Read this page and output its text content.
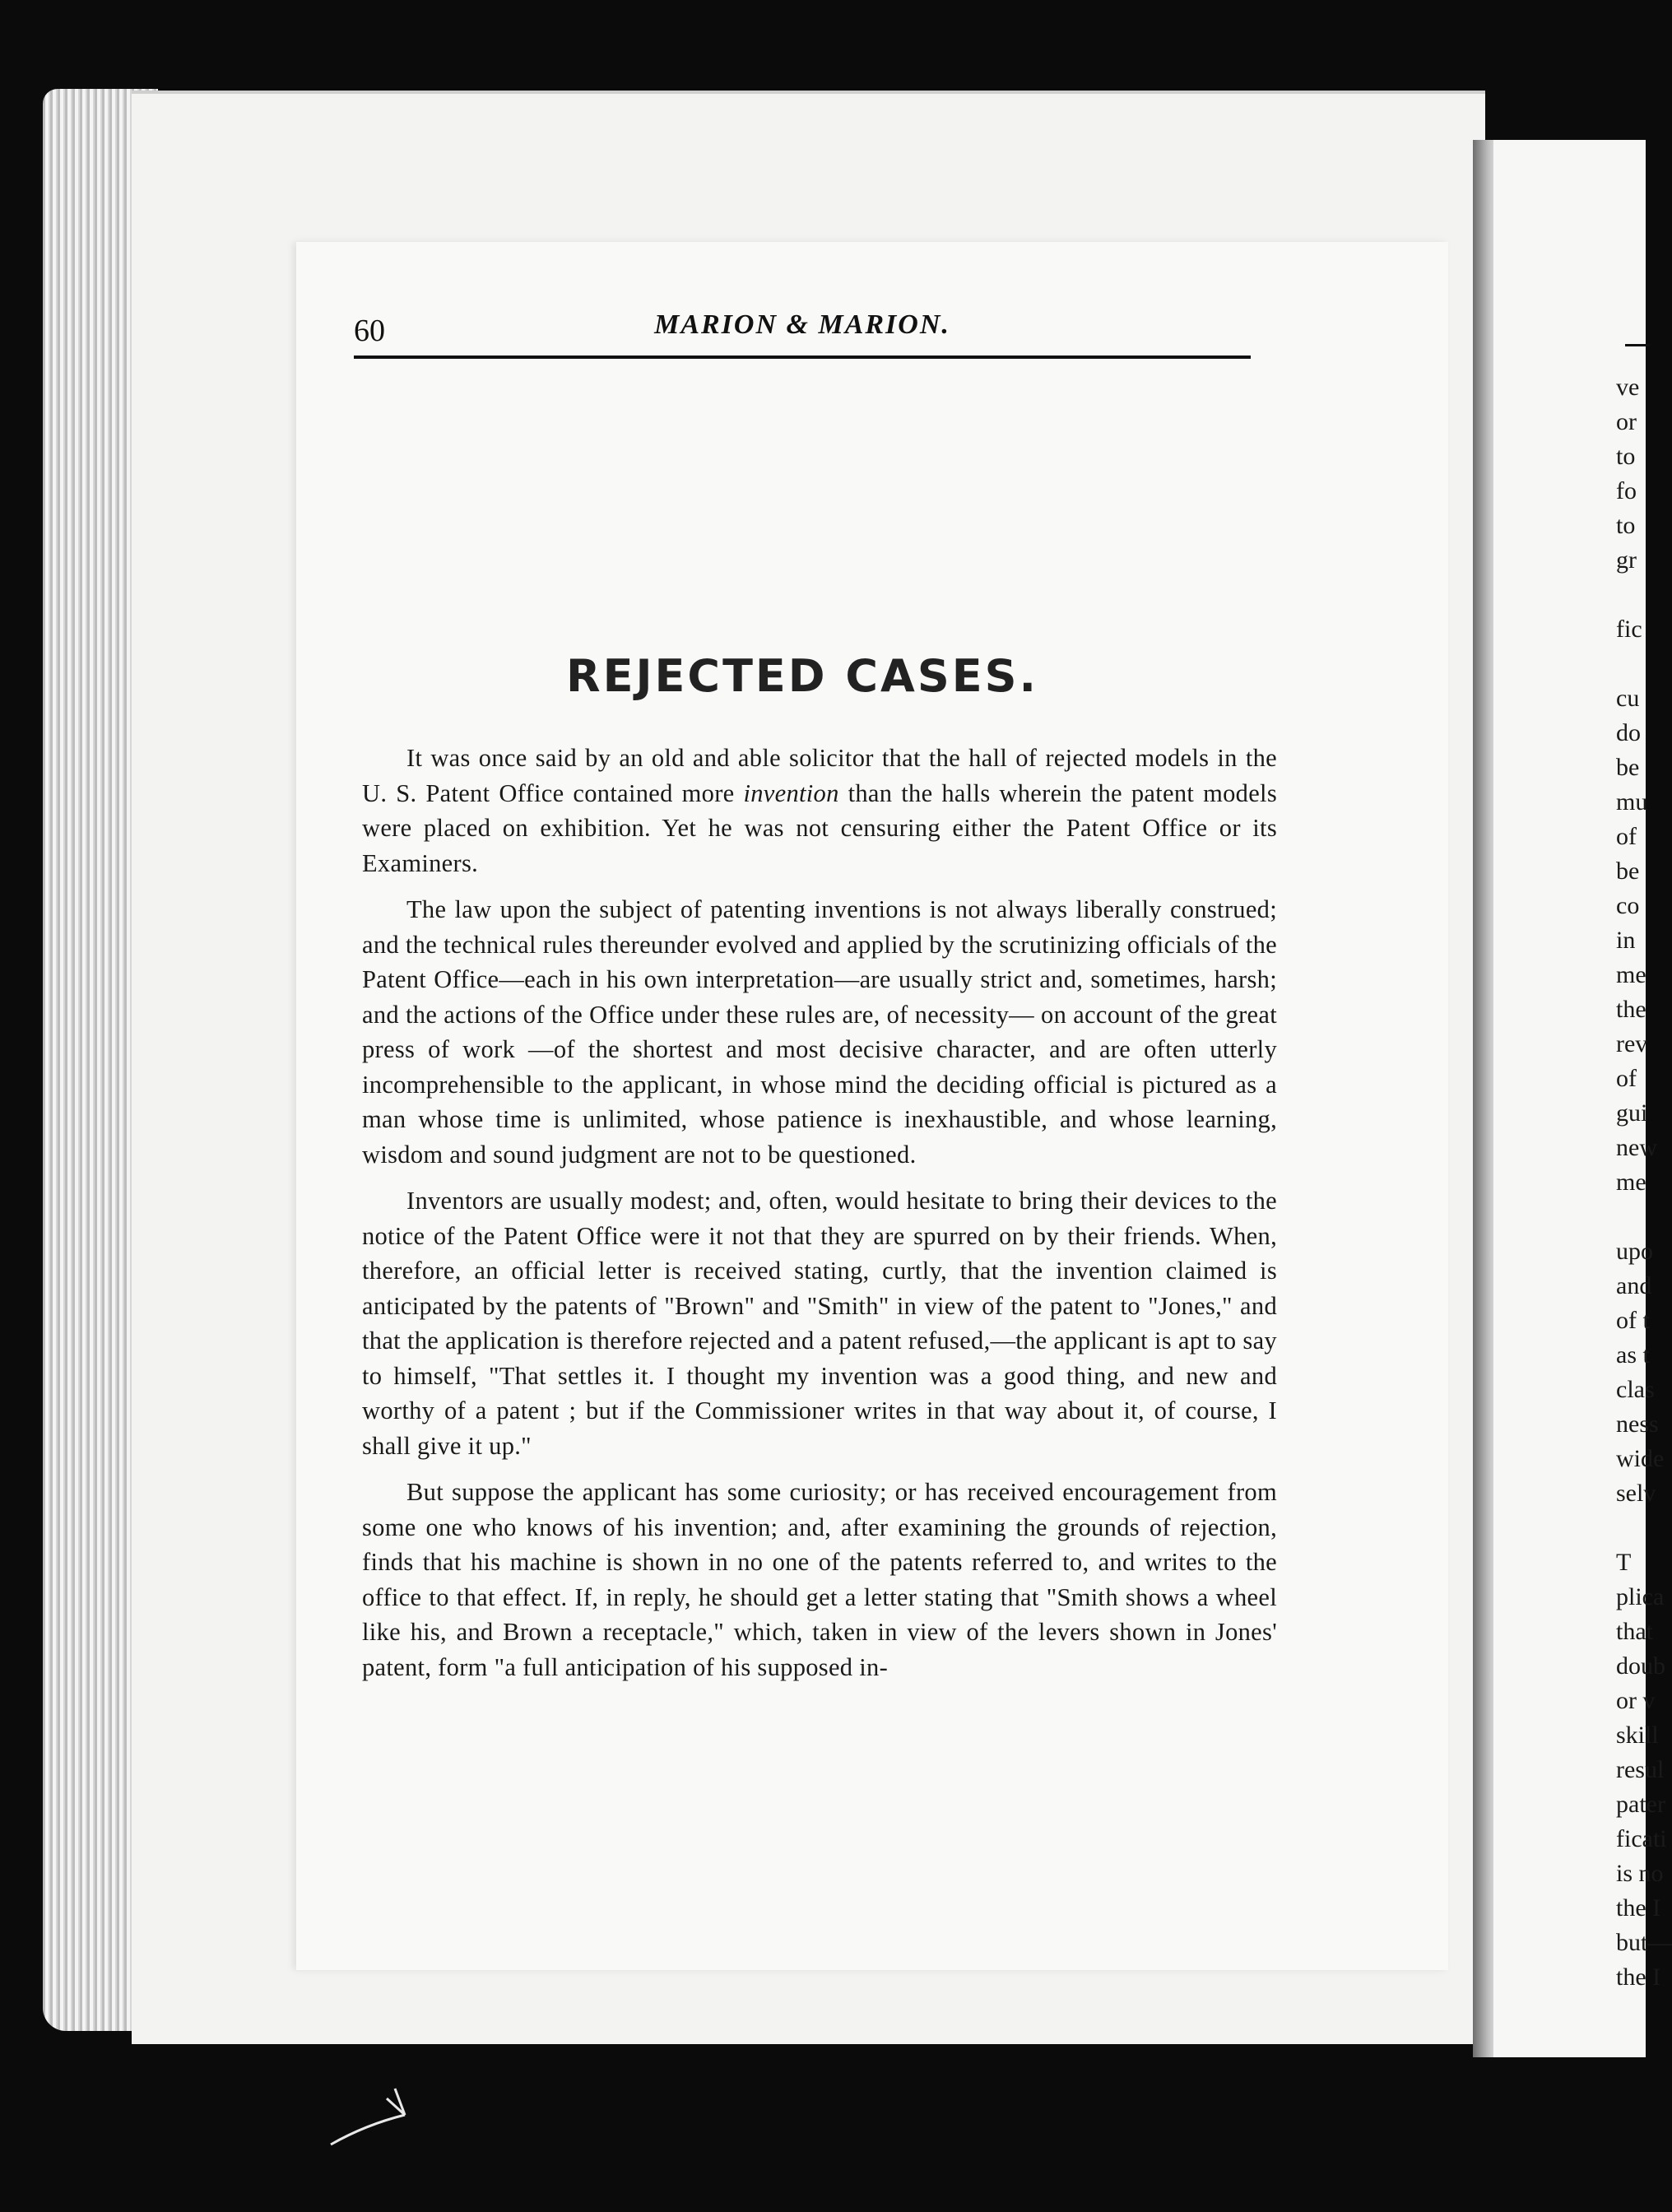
60	MARION & MARION.
REJECTED CASES.

It was once said by an old and able solicitor that the hall of rejected models in the U. S. Patent Office contained more invention than the halls wherein the patent models were placed on exhibition. Yet he was not censuring either the Patent Office or its Examiners.

The law upon the subject of patenting inventions is not always liberally construed; and the technical rules thereunder evolved and applied by the scrutinizing officials of the Patent Office—each in his own interpretation—are usually strict and, sometimes, harsh; and the actions of the Office under these rules are, of necessity— on account of the great press of work —of the shortest and most decisive character, and are often utterly incomprehensible to the applicant, in whose mind the deciding official is pictured as a man whose time is unlimited, whose patience is inexhaustible, and whose learning, wisdom and sound judgment are not to be questioned.

Inventors are usually modest; and, often, would hesitate to bring their devices to the notice of the Patent Office were it not that they are spurred on by their friends. When, therefore, an official letter is received stating, curtly, that the invention claimed is anticipated by the patents of "Brown" and "Smith" in view of the patent to "Jones," and that the application is therefore rejected and a patent refused,—the applicant is apt to say to himself, "That settles it. I thought my invention was a good thing, and new and worthy of a patent ; but if the Commissioner writes in that way about it, of course, I shall give it up."

But suppose the applicant has some curiosity; or has received encouragement from some one who knows of his invention; and, after examining the grounds of rejection, finds that his machine is shown in no one of the patents referred to, and writes to the office to that effect. If, in reply, he should get a letter stating that "Smith shows a wheel like his, and Brown a receptacle," which, taken in view of the levers shown in Jones' patent, form "a full anticipation of his supposed in-

ve
or
to
fo
to
gr
fic
cu
do
be
mu
of
be
co
in
me
the
rev
of
gui
new
me
upo
and
of t
as t
clas
ness
wide
selv
T
plica
that
doub
or v
skill
resul
pater
ficati
is no
the I
but—
the I
